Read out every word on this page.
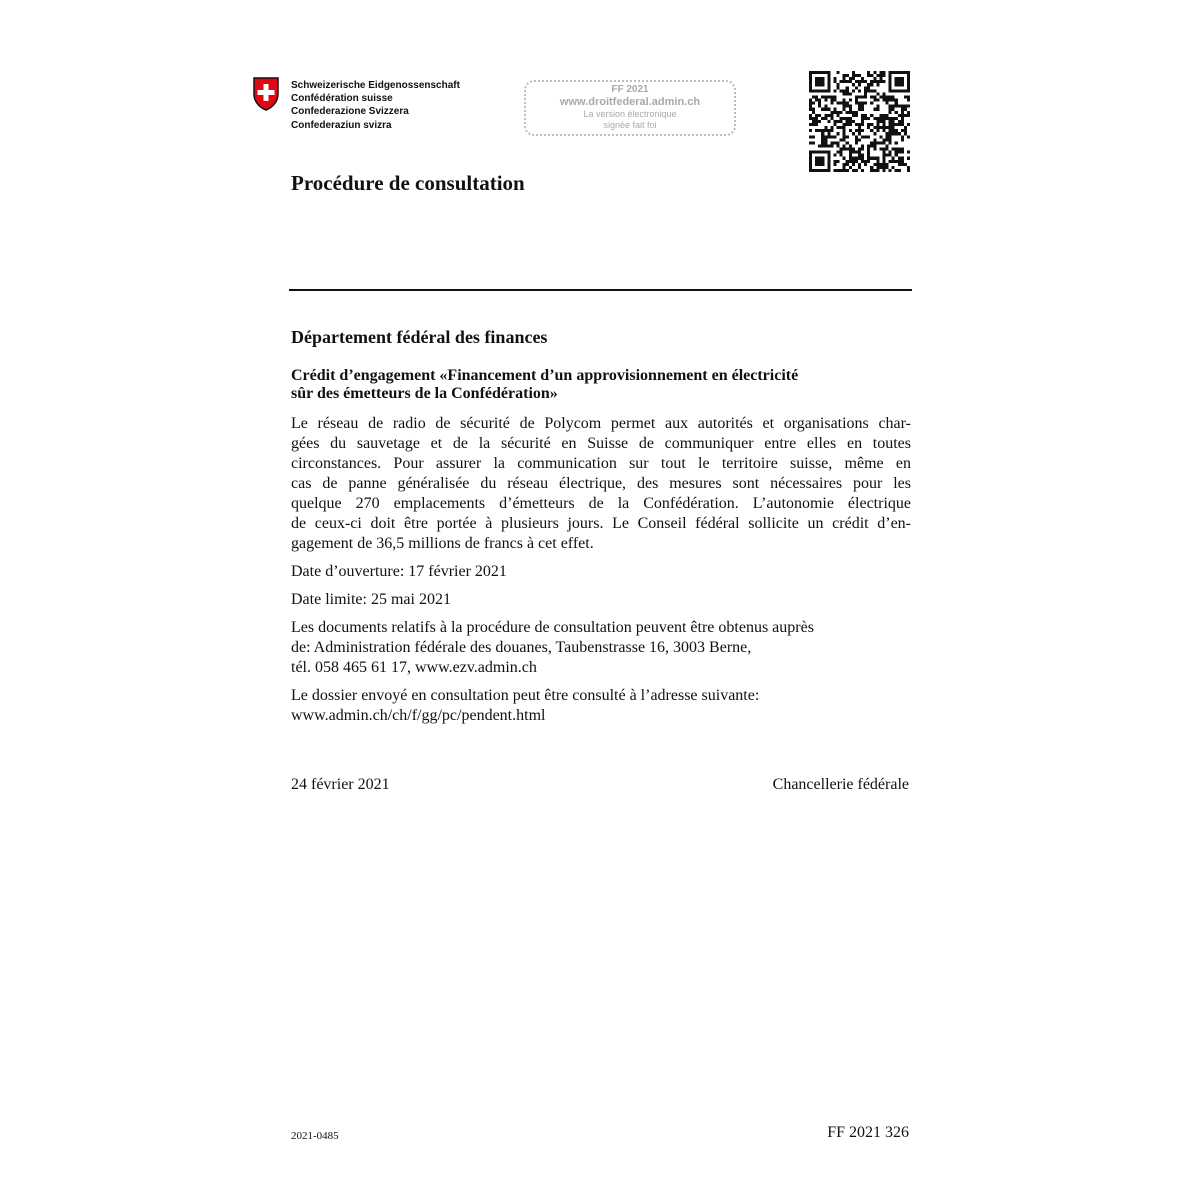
Schweizerische Eidgenossenschaft
Confédération suisse
Confederazione Svizzera
Confederaziun svizra
FF 2021
www.droitfederal.admin.ch
La version électronique
signée fait foi
Procédure de consultation
Département fédéral des finances
Crédit d’engagement «Financement d’un approvisionnement en électricité
sûr des émetteurs de la Confédération»
Le réseau de radio de sécurité de Polycom permet aux autorités et organisations char-
gées du sauvetage et de la sécurité en Suisse de communiquer entre elles en toutes
circonstances. Pour assurer la communication sur tout le territoire suisse, même en
cas de panne généralisée du réseau électrique, des mesures sont nécessaires pour les
quelque 270 emplacements d’émetteurs de la Confédération. L’autonomie électrique
de ceux-ci doit être portée à plusieurs jours. Le Conseil fédéral sollicite un crédit d’en-
gagement de 36,5 millions de francs à cet effet.
Date d’ouverture: 17 février 2021
Date limite: 25 mai 2021
Les documents relatifs à la procédure de consultation peuvent être obtenus auprès
de: Administration fédérale des douanes, Taubenstrasse 16, 3003 Berne,
tél. 058 465 61 17, www.ezv.admin.ch
Le dossier envoyé en consultation peut être consulté à l’adresse suivante:
www.admin.ch/ch/f/gg/pc/pendent.html
24 février 2021	Chancellerie fédérale
2021-0485	FF 2021 326
